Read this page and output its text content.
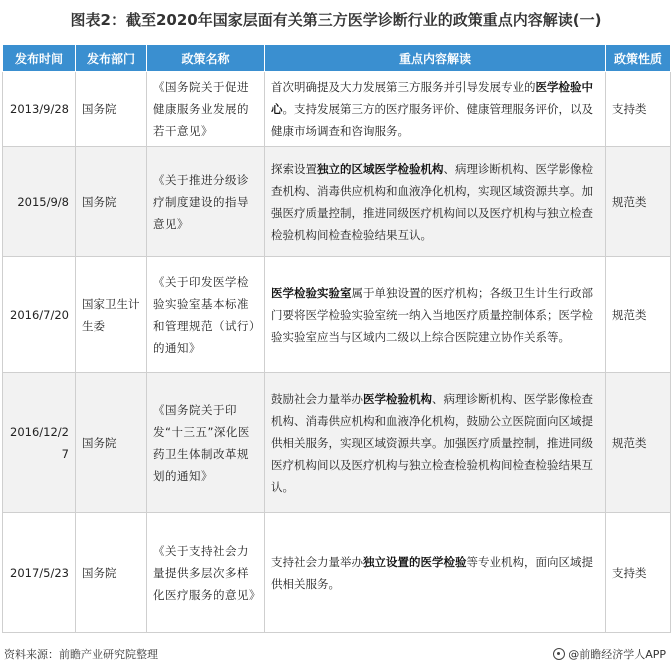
图表2：截至2020年国家层面有关第三方医学诊断行业的政策重点内容解读(一)
发布时间	发布部门	政策名称	重点内容解读	政策性质
2013/9/28	国务院	《国务院关于促进健康服务业发展的若干意见》	首次明确提及大力发展第三方服务并引导发展专业的医学检验中心。支持发展第三方的医疗服务评价、健康管理服务评价，以及健康市场调查和咨询服务。	支持类
2015/9/8	国务院	《关于推进分级诊疗制度建设的指导意见》	探索设置独立的区域医学检验机构、病理诊断机构、医学影像检查机构、消毒供应机构和血液净化机构，实现区域资源共享。加强医疗质量控制，推进同级医疗机构间以及医疗机构与独立检查检验机构间检查检验结果互认。	规范类
2016/7/20	国家卫生计生委	《关于印发医学检验实验室基本标准和管理规范（试行）的通知》	医学检验实验室属于单独设置的医疗机构；各级卫生计生行政部门要将医学检验实验室统一纳入当地医疗质量控制体系；医学检验实验室应当与区域内二级以上综合医院建立协作关系等。	规范类
2016/12/27	国务院	《国务院关于印发“十三五”深化医药卫生体制改革规划的通知》	鼓励社会力量举办医学检验机构、病理诊断机构、医学影像检查机构、消毒供应机构和血液净化机构，鼓励公立医院面向区域提供相关服务，实现区域资源共享。加强医疗质量控制，推进同级医疗机构间以及医疗机构与独立检查检验机构间检查检验结果互认。	规范类
2017/5/23	国务院	《关于支持社会力量提供多层次多样化医疗服务的意见》	支持社会力量举办独立设置的医学检验等专业机构，面向区域提供相关服务。	支持类
资料来源：前瞻产业研究院整理	@前瞻经济学人APP
